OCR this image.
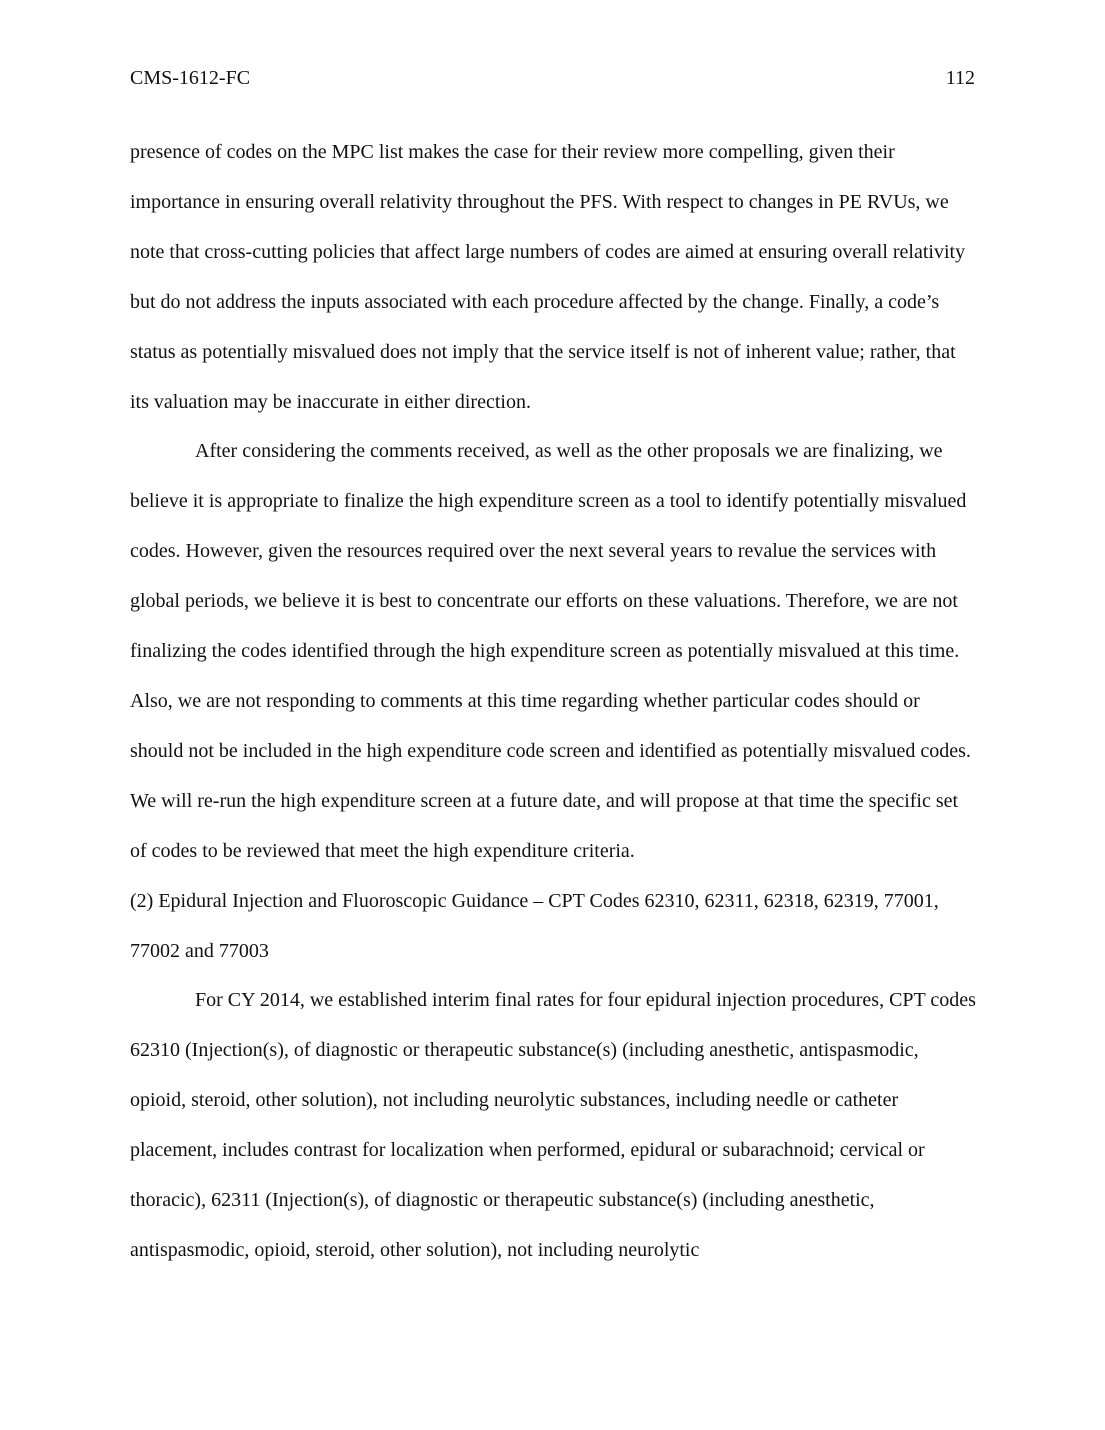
CMS-1612-FC	112

presence of codes on the MPC list makes the case for their review more compelling, given their importance in ensuring overall relativity throughout the PFS. With respect to changes in PE RVUs, we note that cross-cutting policies that affect large numbers of codes are aimed at ensuring overall relativity but do not address the inputs associated with each procedure affected by the change. Finally, a code’s status as potentially misvalued does not imply that the service itself is not of inherent value; rather, that its valuation may be inaccurate in either direction.

After considering the comments received, as well as the other proposals we are finalizing, we believe it is appropriate to finalize the high expenditure screen as a tool to identify potentially misvalued codes. However, given the resources required over the next several years to revalue the services with global periods, we believe it is best to concentrate our efforts on these valuations. Therefore, we are not finalizing the codes identified through the high expenditure screen as potentially misvalued at this time. Also, we are not responding to comments at this time regarding whether particular codes should or should not be included in the high expenditure code screen and identified as potentially misvalued codes. We will re-run the high expenditure screen at a future date, and will propose at that time the specific set of codes to be reviewed that meet the high expenditure criteria.

(2) Epidural Injection and Fluoroscopic Guidance – CPT Codes 62310, 62311, 62318, 62319, 77001, 77002 and 77003

For CY 2014, we established interim final rates for four epidural injection procedures, CPT codes 62310 (Injection(s), of diagnostic or therapeutic substance(s) (including anesthetic, antispasmodic, opioid, steroid, other solution), not including neurolytic substances, including needle or catheter placement, includes contrast for localization when performed, epidural or subarachnoid; cervical or thoracic), 62311 (Injection(s), of diagnostic or therapeutic substance(s) (including anesthetic, antispasmodic, opioid, steroid, other solution), not including neurolytic
